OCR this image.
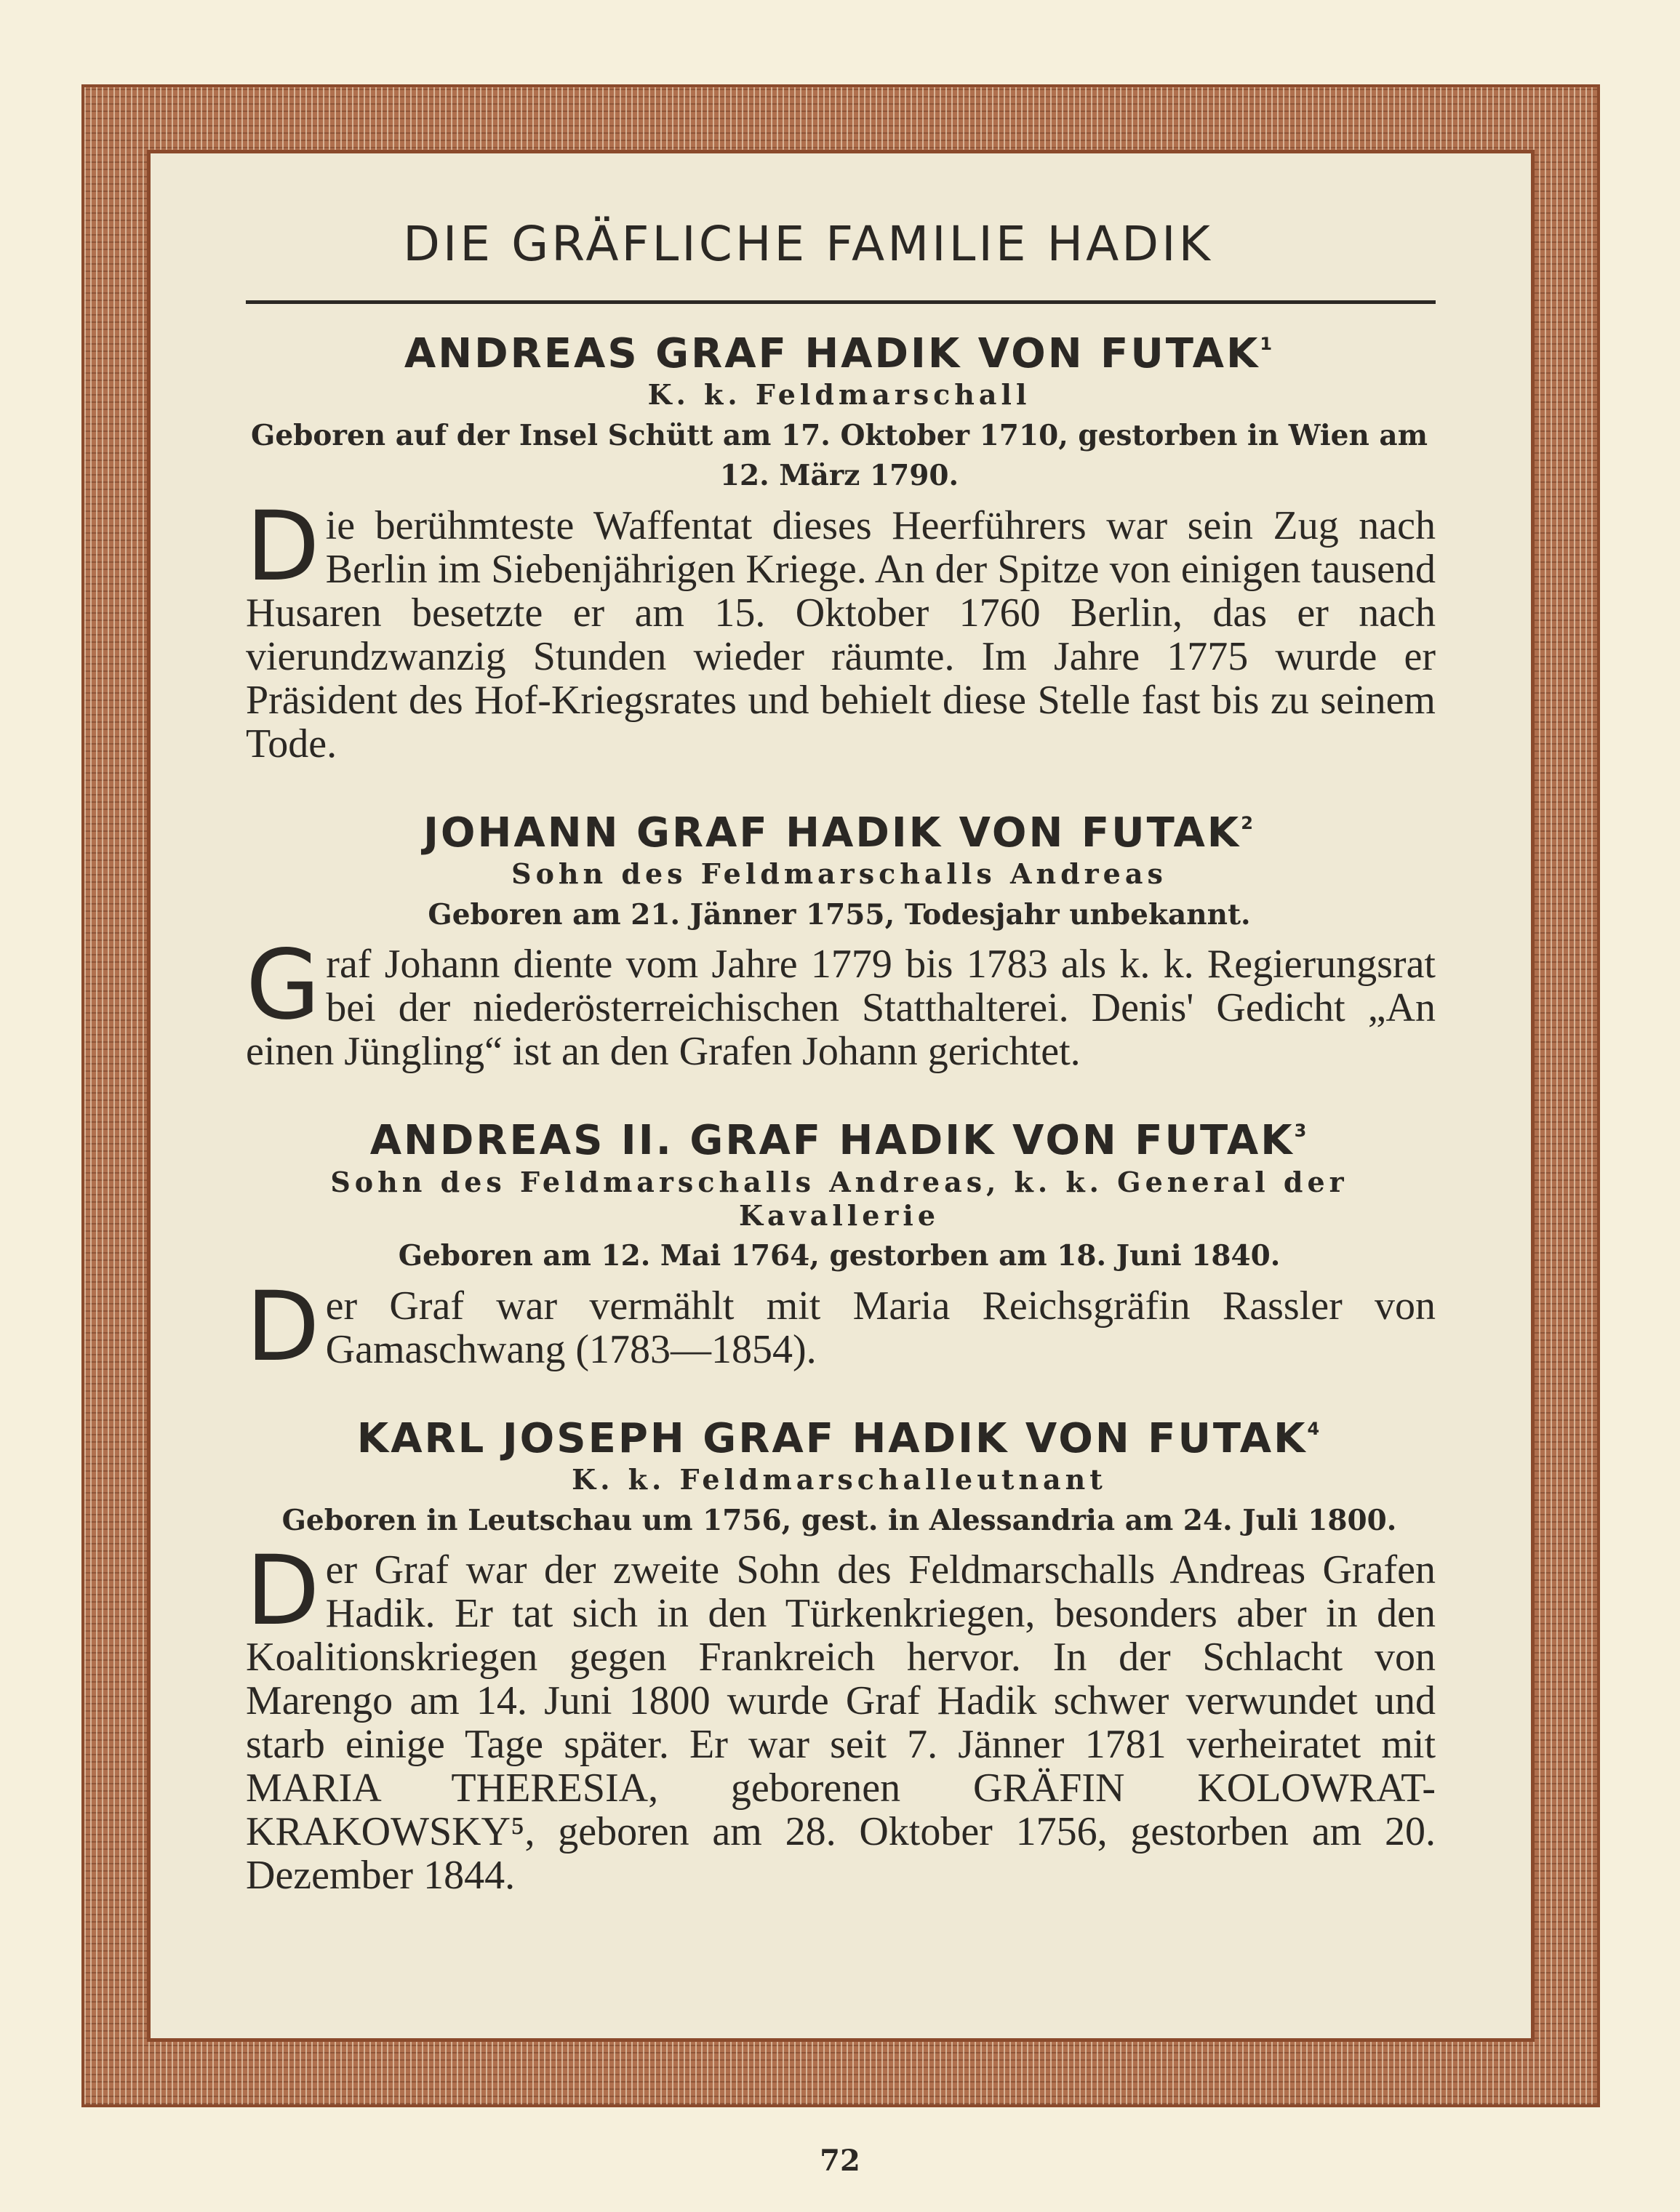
DIE GRÄFLICHE FAMILIE HADIK
ANDREAS GRAF HADIK VON FUTAK$^1$

K. k. Feldmarschall

Geboren auf der Insel Schütt am 17. Oktober 1710, gestorben in Wien am 12. März 1790.

Die berühmteste Waffentat dieses Heerführers war sein Zug nach Berlin im Siebenjährigen Kriege. An der Spitze von einigen tausend Husaren besetzte er am 15. Oktober 1760 Berlin, das er nach vierundzwanzig Stunden wieder räumte. Im Jahre 1775 wurde er Präsident des Hof-Kriegsrates und behielt diese Stelle fast bis zu seinem Tode.

JOHANN GRAF HADIK VON FUTAK$^2$

Sohn des Feldmarschalls Andreas

Geboren am 21. Jänner 1755, Todesjahr unbekannt.

Graf Johann diente vom Jahre 1779 bis 1783 als k. k. Regierungsrat bei der niederösterreichischen Statthalterei. Denis' Gedicht „An einen Jüngling“ ist an den Grafen Johann gerichtet.

ANDREAS II. GRAF HADIK VON FUTAK$^3$

Sohn des Feldmarschalls Andreas, k. k. General der Kavallerie

Geboren am 12. Mai 1764, gestorben am 18. Juni 1840.

Der Graf war vermählt mit Maria Reichsgräfin Rassler von Gamaschwang (1783—1854).

KARL JOSEPH GRAF HADIK VON FUTAK$^4$

K. k. Feldmarschalleutnant

Geboren in Leutschau um 1756, gest. in Alessandria am 24. Juli 1800.

Der Graf war der zweite Sohn des Feldmarschalls Andreas Grafen Hadik. Er tat sich in den Türkenkriegen, besonders aber in den Koalitionskriegen gegen Frankreich hervor. In der Schlacht von Marengo am 14. Juni 1800 wurde Graf Hadik schwer verwundet und starb einige Tage später. Er war seit 7. Jänner 1781 verheiratet mit MARIA THERESIA, geborenen GRÄFIN KOLOWRAT-KRAKOWSKY⁵, geboren am 28. Oktober 1756, gestorben am 20. Dezember 1844.

72
